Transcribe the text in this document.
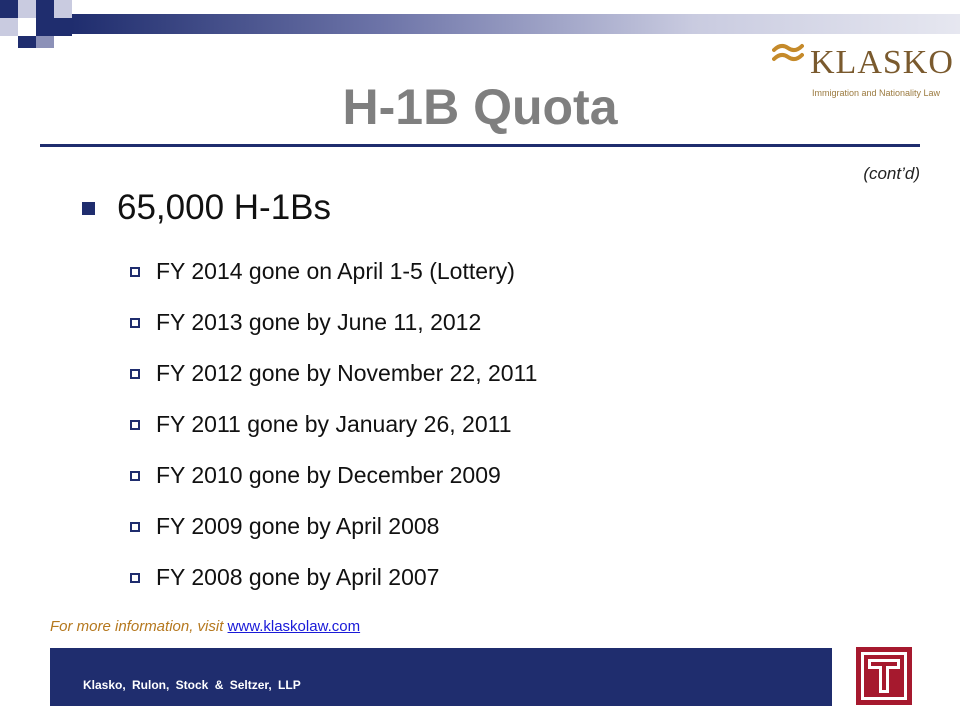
KLASKO
Immigration and Nationality Law
H-1B Quota
(cont’d)
65,000 H-1Bs
FY 2014 gone on April 1-5 (Lottery)
FY 2013 gone by June 11, 2012
FY 2012 gone by November 22, 2011
FY 2011 gone by January 26, 2011
FY 2010 gone by December 2009
FY 2009 gone by April 2008
FY 2008 gone by April 2007
For more information, visit www.klaskolaw.com
Klasko, Rulon, Stock & Seltzer, LLP
